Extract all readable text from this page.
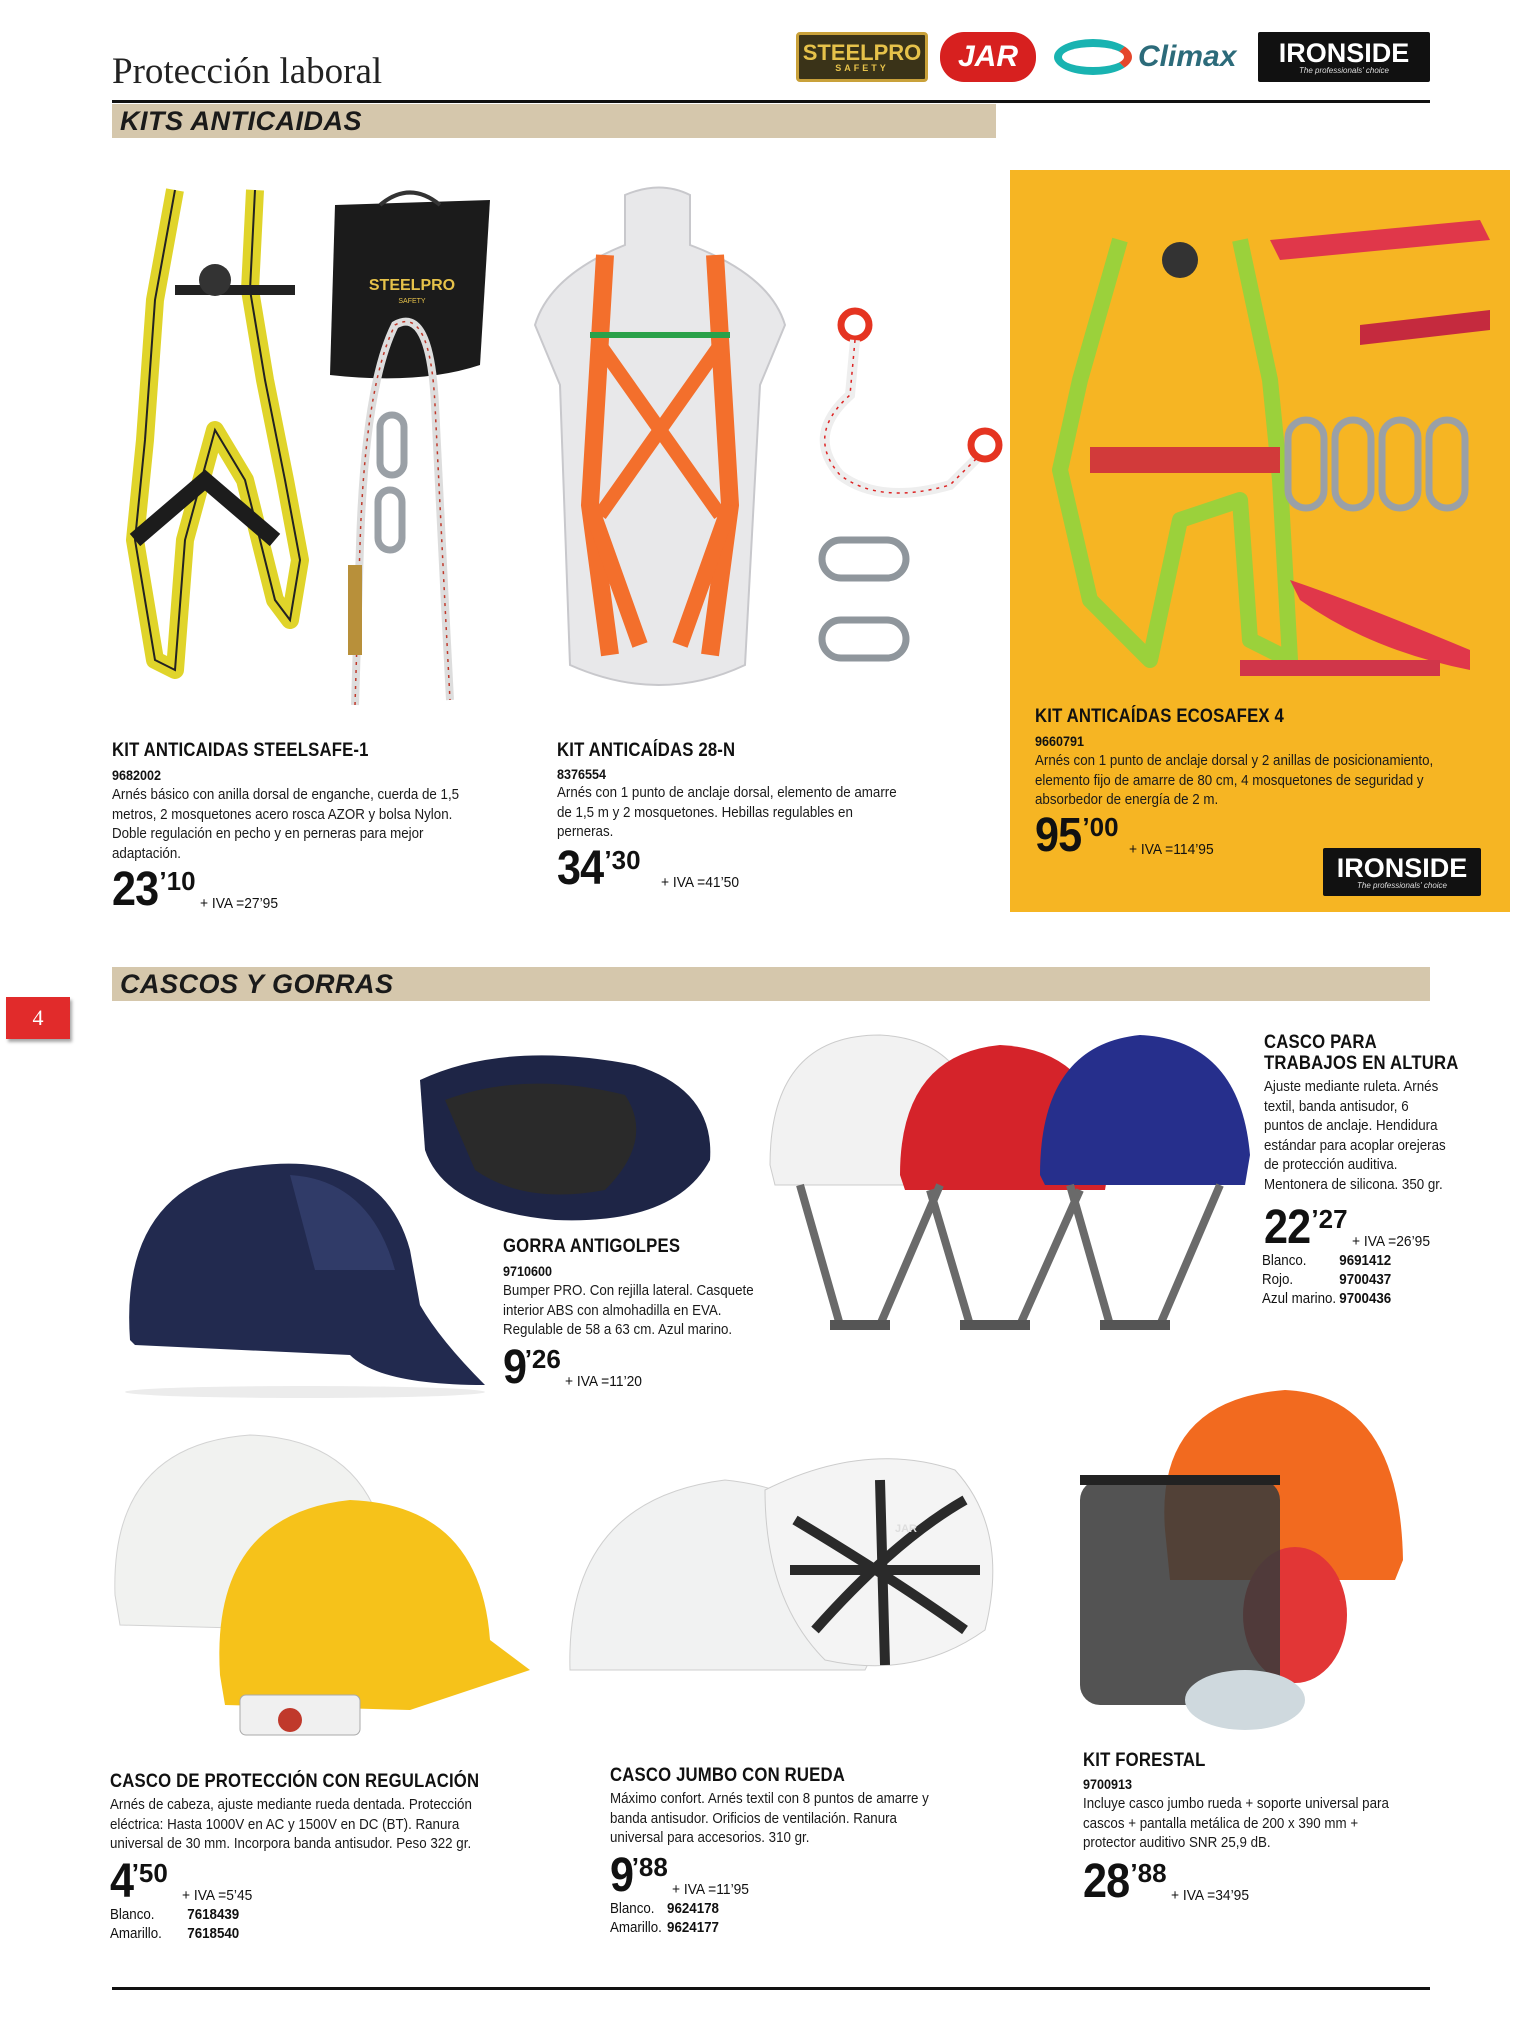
Protección laboral	STEELPRO
SAFETY JAR	Climax IRONSIDE
The professionals' choice
KITS ANTICAIDAS
STEELPRO
SAFETY
KIT ANTICAIDAS STEELSAFE-1
9682002
Arnés básico con anilla dorsal de enganche, cuerda de 1,5 metros, 2 mosquetones acero rosca AZOR y bolsa Nylon. Doble regulación en pecho y en perneras para mejor adaptación.
23 ’10
+ IVA =27’95
KIT ANTICAÍDAS 28-N
8376554
Arnés con 1 punto de anclaje dorsal, elemento de amarre de 1,5 m y 2 mosquetones. Hebillas regulables en perneras.
34 ’30
+ IVA =41’50
KIT ANTICAÍDAS ECOSAFEX 4
9660791
Arnés con 1 punto de anclaje dorsal y 2 anillas de posicionamiento, elemento fijo de amarre de 80 cm, 4 mosquetones de seguridad y absorbedor de energía de 2 m.
95 ’00
+ IVA =114’95
IRONSIDE
The professionals' choice
CASCOS Y GORRAS
4
GORRA ANTIGOLPES
9710600
Bumper PRO. Con rejilla lateral. Casquete interior ABS con almohadilla en EVA. Regulable de 58 a 63 cm. Azul marino.
9
’26
+ IVA =11’20
CASCO PARA
TRABAJOS EN ALTURA
Ajuste mediante ruleta. Arnés textil, banda antisudor, 6 puntos de anclaje. Hendidura estándar para acoplar orejeras de protección auditiva. Mentonera de silicona. 350 gr.
22 ’27
+ IVA =26’95
Blanco.	9691412
Rojo.	9700437
Azul marino. 9700436
JAR
CASCO DE PROTECCIÓN CON REGULACIÓN
Arnés de cabeza, ajuste mediante rueda dentada. Protección eléctrica: Hasta 1000V en AC y 1500V en DC (BT). Ranura universal de 30 mm. Incorpora banda antisudor. Peso 322 gr.
4
’50
+ IVA =5’45
Blanco.	7618439
Amarillo.	7618540
CASCO JUMBO CON RUEDA
Máximo confort. Arnés textil con 8 puntos de amarre y banda antisudor. Orificios de ventilación. Ranura universal para accesorios. 310 gr.
9
’88
+ IVA =11’95
Blanco. 9624178
Amarillo. 9624177
KIT FORESTAL
9700913
Incluye casco jumbo rueda + soporte universal para cascos + pantalla metálica de 200 x 390 mm + protector auditivo SNR 25,9 dB.
28 ’88
+ IVA =34’95
